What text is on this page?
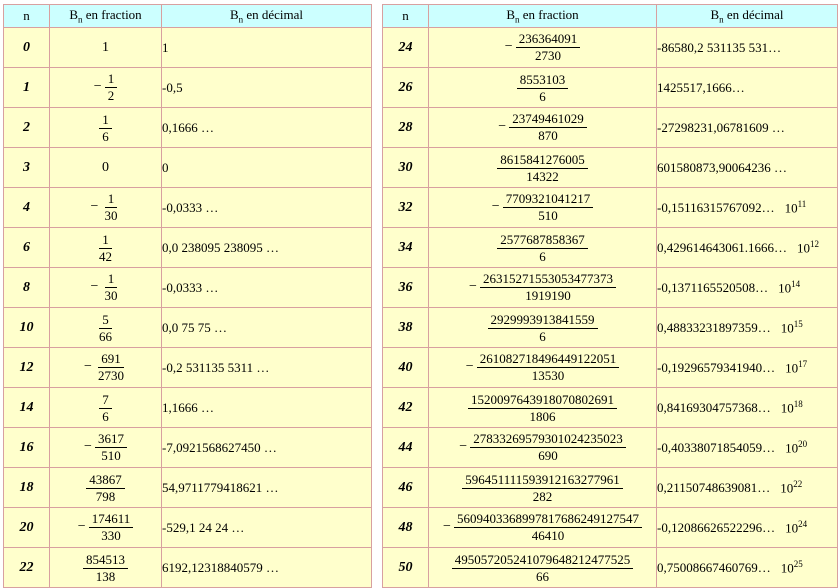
n	$B_n$ en fraction	$B_n$ en décimal
0	1	1

1	− $\frac{1}{2}$	-0,5

2	$\frac{1}{6}$	0,1666 …

3	0	0

4	− $\frac{1}{30}$	-0,0333 …

6	$\frac{1}{42}$	0,0 238095 238095 …

8	− $\frac{1}{30}$	-0,0333 …

10	$\frac{5}{66}$	0,0 75 75 …

12	− $\frac{691}{2730}$	-0,2 531135 5311 …

14	$\frac{7}{6}$	1,1666 …

16	− $\frac{3617}{510}$	-7,0921568627450 …

18	$\frac{43867}{798}$	54,9711779418621 …

20	− $\frac{174611}{330}$	-529,1 24 24 …

22	$\frac{854513}{138}$	6192,12318840579 …
n	$B_n$ en fraction	$B_n$ en décimal
24	− $\frac{236364091}{2730}$	-86580,2 531135 531…

26	$\frac{8553103}{6}$	1425517,1666…

28	− $\frac{23749461029}{870}$	-27298231,06781609 …

30	$\frac{8615841276005}{14322}$	601580873,90064236 …

32	− $\frac{7709321041217}{510}$	-0,15116315767092… $10^{11}$

34	$\frac{2577687858367}{6}$	0,429614643061.1666… $10^{12}$

36	− $\frac{26315271553053477373}{1919190}$	-0,1371165520508… $10^{14}$

38	$\frac{2929993913841559}{6}$	0,48833231897359… $10^{15}$

40	− $\frac{261082718496449122051}{13530}$	-0,19296579341940… $10^{17}$

42	$\frac{1520097643918070802691}{1806}$	0,84169304757368… $10^{18}$

44	− $\frac{27833269579301024235023}{690}$	-0,40338071854059… $10^{20}$

46	$\frac{596451111593912163277961}{282}$	0,21150748639081… $10^{22}$

48	− $\frac{5609403368997817686249127547}{46410}$	-0,12086626522296… $10^{24}$

50	$\frac{495057205241079648212477525}{66}$	0,75008667460769… $10^{25}$
